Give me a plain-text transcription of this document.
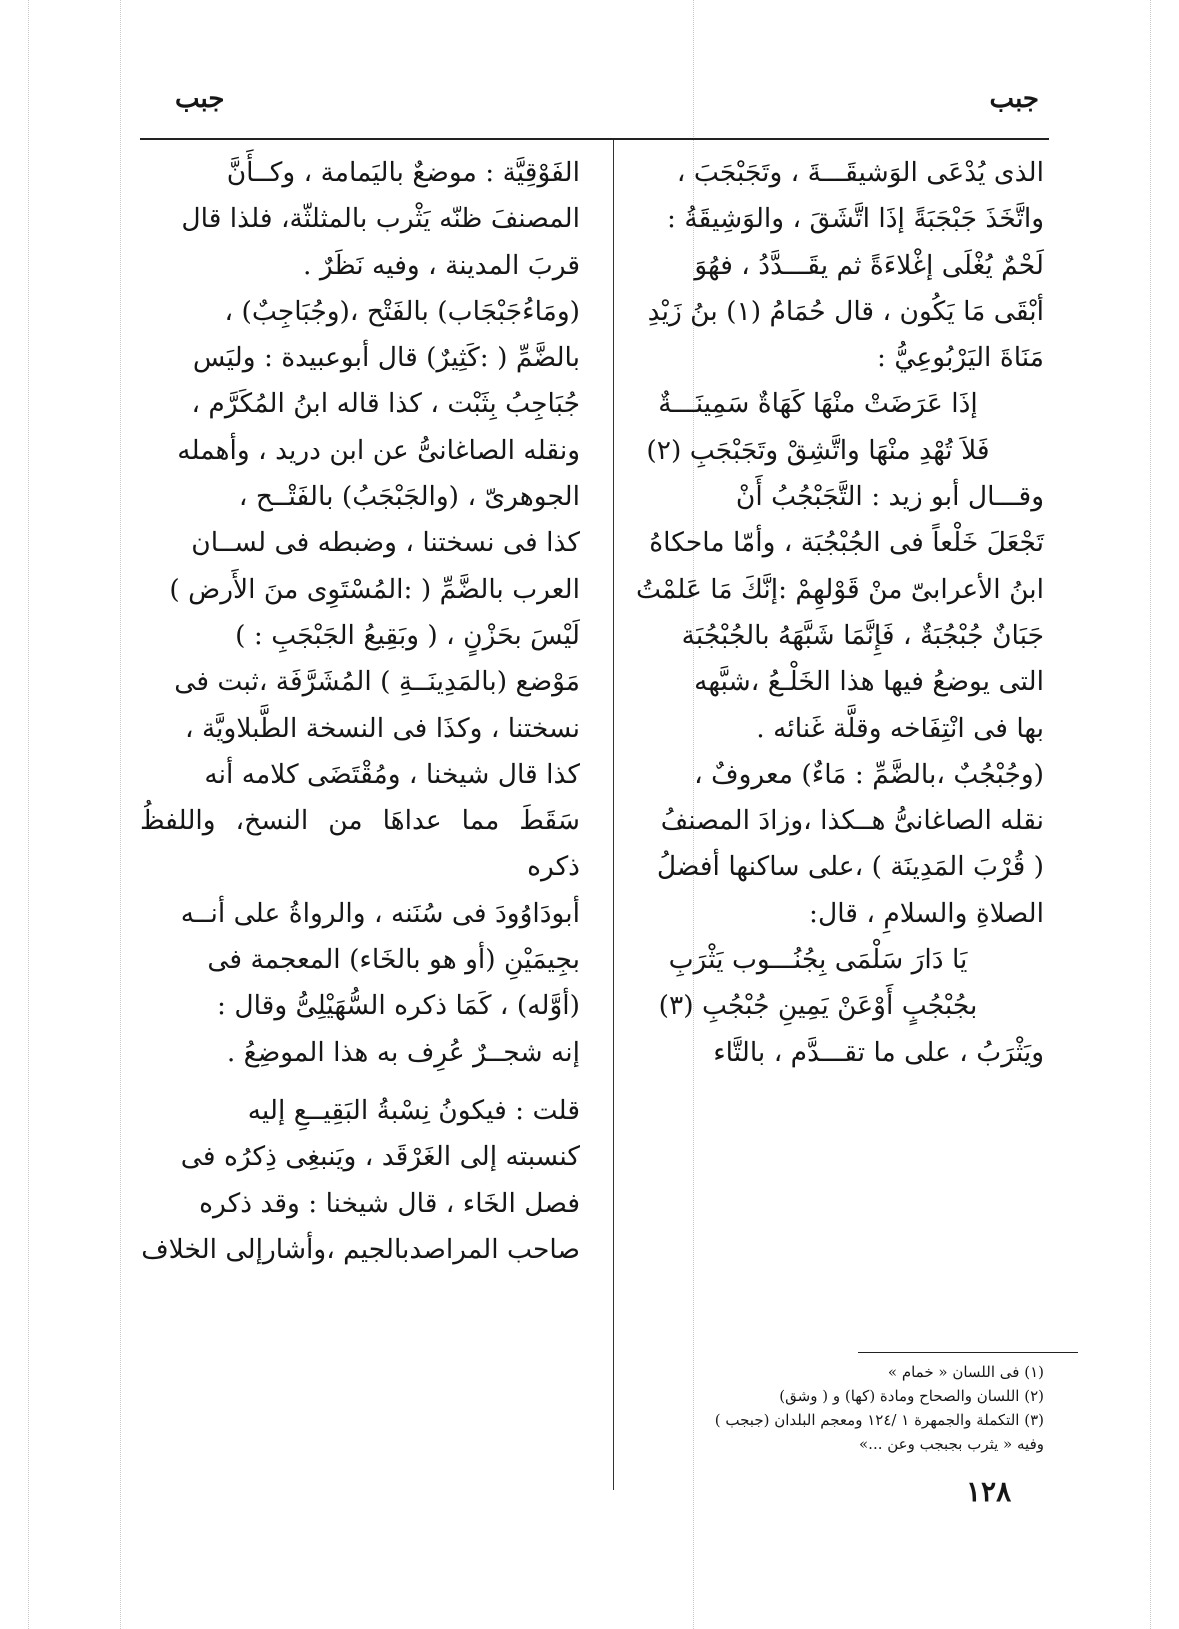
جبب
جبب

الذى يُدْعَى الوَشيقَـــةَ ، وتَجَبْجَبَ ،

واتَّخَذَ جَبْجَبَةً إذَا اتَّشَقَ ، والوَشِيقَةُ :

لَحْمٌ يُغْلَى إغْلاءَةً ثم يقَـــدَّدُ ، فهُوَ

أبْقَى مَا يَكُون ، قال حُمَامُ (١) بنُ زَيْدِ

مَنَاةَ اليَرْبُوعِيُّ :

إذَا عَرَضَتْ منْهَا كَهَاةٌ سَمِينَـــةٌ

فَلاَ تُهْدِ منْهَا واتَّشِقْ وتَجَبْجَبِ (٢)

وقـــال أبو زيد : التَّجَبْجُبُ أَنْ

تَجْعَلَ خَلْعاً فى الجُبْجُبَة ، وأمّا ماحكاهُ

ابنُ الأعرابىّ منْ قَوْلهِمْ :إنَّكَ مَا عَلمْتُ

جَبَانٌ جُبْجُبَةٌ ، فَإِنَّمَا شَبَّهَهُ بالجُبْجُبَة

التى يوضعُ فيها هذا الخَلْـعُ ،شبَّهه

بها فى انْتِفَاخه وقلَّة غَنائه .

(وجُبْجُبٌ ،بالضَّمِّ : مَاءٌ) معروفٌ ،

نقله الصاغانىُّ هــكذا ،وزادَ المصنفُ

( قُرْبَ المَدِينَة ) ،على ساكنها أفضلُ

الصلاةِ والسلامِ ، قال:

يَا دَارَ سَلْمَى بِجُنُـــوب يَثْرَبِ

بجُبْجُبٍ أَوْعَنْ يَمِينِ جُبْجُبِ (٣)

ويَثْرَبُ ، على ما تقـــدَّم ، بالتَّاء

الفَوْقِيَّة : موضعٌ باليَمامة ، وكــأَنَّ

المصنفَ ظنّه يَثْرب بالمثلثّة، فلذا قال

قربَ المدينة ، وفيه نَظَرٌ .

(ومَاءُجَبْجَاب) بالفَتْح ،(وجُبَاجِبٌ) ،

بالضَّمِّ ( :كَثِيرٌ) قال أبوعبيدة : وليَس

جُبَاجِبُ بِثَبْت ، كذا قاله ابنُ المُكَرَّم ،

ونقله الصاغانىُّ عن ابن دريد ، وأهمله

الجوهرىّ ، (والجَبْجَبُ) بالفَتْــح ،

كذا فى نسختنا ، وضبطه فى لســان

العرب بالضَّمِّ ( :المُسْتَوِى منَ الأَرض )

لَيْسَ بحَزْنٍ ، ( وبَقِيعُ الجَبْجَبِ : )

مَوْضع (بالمَدِينَــةِ ) المُشَرَّفَة ،ثبت فى

نسختنا ، وكذَا فى النسخة الطَّبلاويَّة ،

كذا قال شيخنا ، ومُقْتَضَى كلامه أنه

سَقَطَ مما عداهَا من النسخ، واللفظُ ذكره

أبودَاوُودَ فى سُنَنه ، والرواةُ على أنــه

بجِيمَيْنِ (أو هو بالخَاء) المعجمة فى

(أوَّله) ، كَمَا ذكره السُّهَيْلِىُّ وقال :

إنه شجــرٌ عُرِف به هذا الموضِعُ .

قلت : فيكونُ نِسْبةُ البَقِيــعِ إليه

كنسبته إلى الغَرْقَد ، ويَنبغِى ذِكرُه فى

فصل الخَاء ، قال شيخنا : وقد ذكره

صاحب المراصدبالجيم ،وأشارإلى الخلاف

(١) فى اللسان « خمام »

(٢) اللسان والصحاح ومادة (كها) و ( وشق)

(٣) التكملة والجمهرة ١ /١٢٤ ومعجم البلدان (جبجب )

وفيه « يثرب بجبجب وعن ...»

١٢٨
